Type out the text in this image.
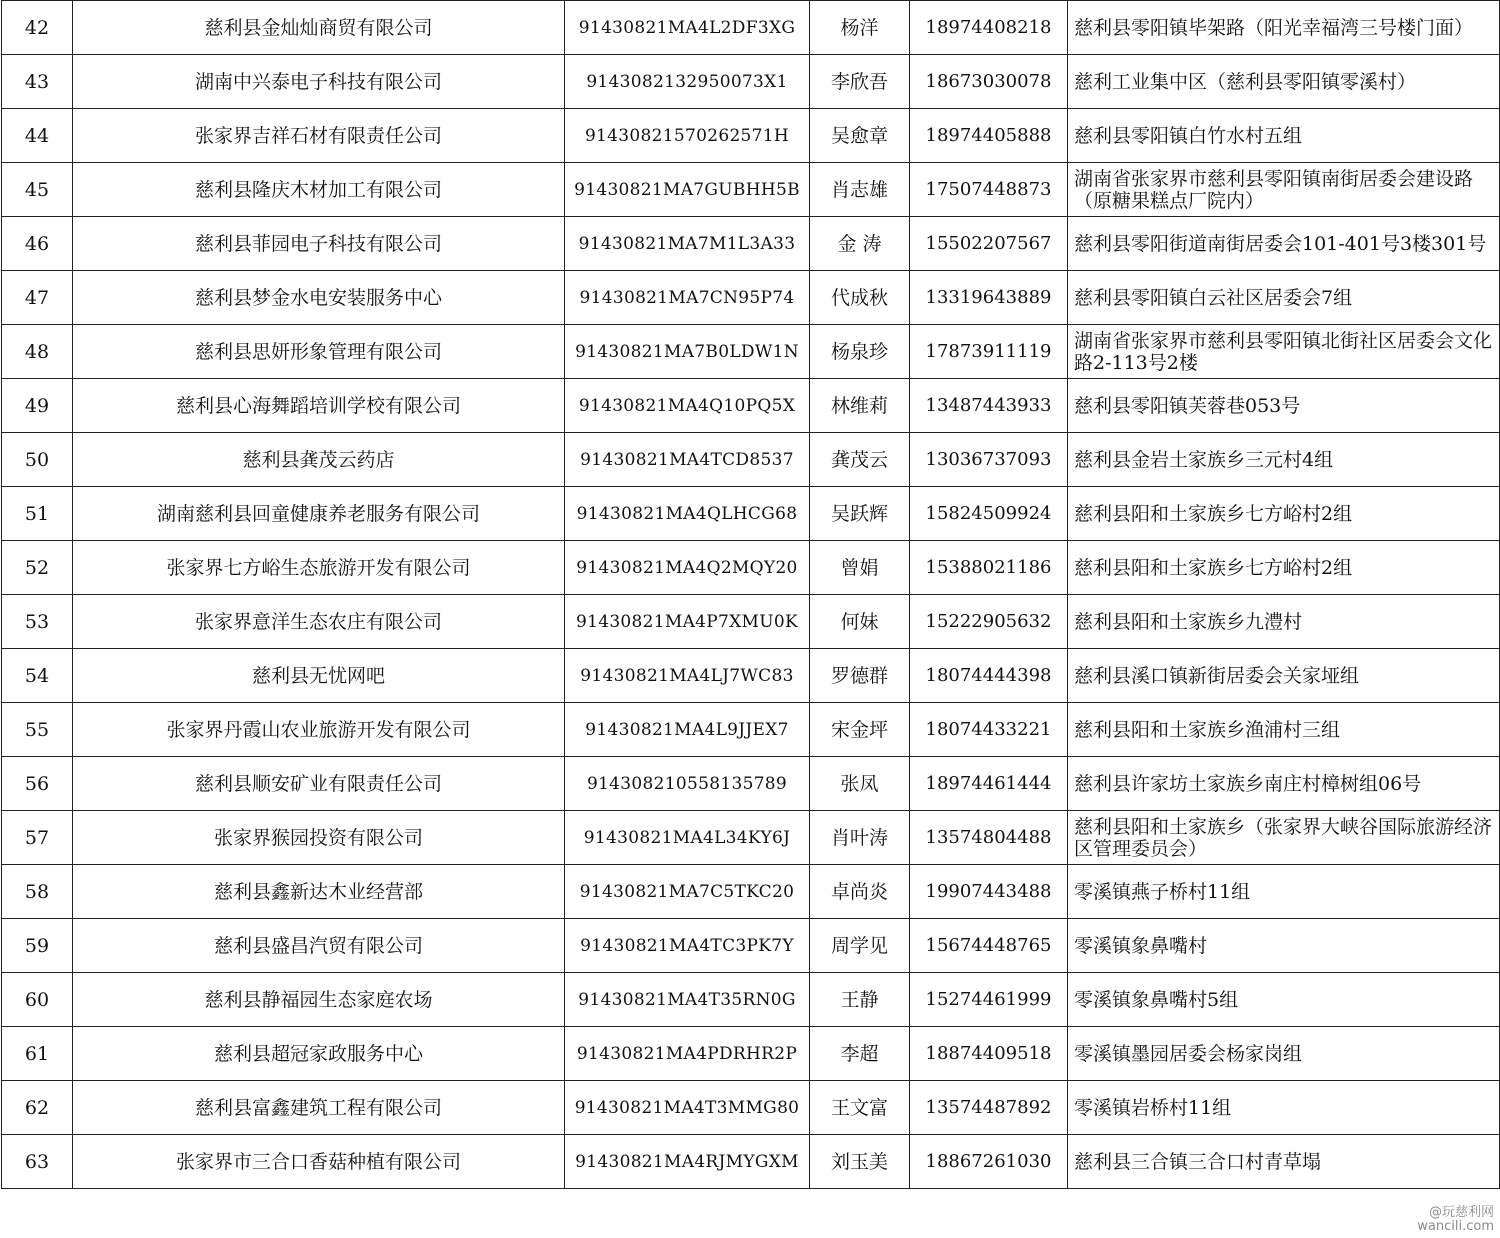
42	慈利县金灿灿商贸有限公司	91430821MA4L2DF3XG	杨洋	18974408218	慈利县零阳镇毕架路（阳光幸福湾三号楼门面）
43	湖南中兴泰电子科技有限公司	9143082132950073X1	李欣吾	18673030078	慈利工业集中区（慈利县零阳镇零溪村）
44	张家界吉祥石材有限责任公司	91430821570262571H	吴愈章	18974405888	慈利县零阳镇白竹水村五组
45	慈利县隆庆木材加工有限公司	91430821MA7GUBHH5B	肖志雄	17507448873	湖南省张家界市慈利县零阳镇南街居委会建设路（原糖果糕点厂院内）
46	慈利县菲园电子科技有限公司	91430821MA7M1L3A33	金 涛	15502207567	慈利县零阳街道南街居委会101-401号3楼301号
47	慈利县梦金水电安装服务中心	91430821MA7CN95P74	代成秋	13319643889	慈利县零阳镇白云社区居委会7组
48	慈利县思妍形象管理有限公司	91430821MA7B0LDW1N	杨泉珍	17873911119	湖南省张家界市慈利县零阳镇北街社区居委会文化路2-113号2楼
49	慈利县心海舞蹈培训学校有限公司	91430821MA4Q10PQ5X	林维莉	13487443933	慈利县零阳镇芙蓉巷053号
50	慈利县龚茂云药店	91430821MA4TCD8537	龚茂云	13036737093	慈利县金岩土家族乡三元村4组
51	湖南慈利县回童健康养老服务有限公司	91430821MA4QLHCG68	吴跃辉	15824509924	慈利县阳和土家族乡七方峪村2组
52	张家界七方峪生态旅游开发有限公司	91430821MA4Q2MQY20	曾娟	15388021186	慈利县阳和土家族乡七方峪村2组
53	张家界意洋生态农庄有限公司	91430821MA4P7XMU0K	何妹	15222905632	慈利县阳和土家族乡九澧村
54	慈利县无忧网吧	91430821MA4LJ7WC83	罗德群	18074444398	慈利县溪口镇新街居委会关家垭组
55	张家界丹霞山农业旅游开发有限公司	91430821MA4L9JJEX7	宋金坪	18074433221	慈利县阳和土家族乡渔浦村三组
56	慈利县顺安矿业有限责任公司	914308210558135789	张凤	18974461444	慈利县许家坊土家族乡南庄村樟树组06号
57	张家界猴园投资有限公司	91430821MA4L34KY6J	肖叶涛	13574804488	慈利县阳和土家族乡（张家界大峡谷国际旅游经济区管理委员会）
58	慈利县鑫新达木业经营部	91430821MA7C5TKC20	卓尚炎	19907443488	零溪镇燕子桥村11组
59	慈利县盛昌汽贸有限公司	91430821MA4TC3PK7Y	周学见	15674448765	零溪镇象鼻嘴村
60	慈利县静福园生态家庭农场	91430821MA4T35RN0G	王静	15274461999	零溪镇象鼻嘴村5组
61	慈利县超冠家政服务中心	91430821MA4PDRHR2P	李超	18874409518	零溪镇墨园居委会杨家岗组
62	慈利县富鑫建筑工程有限公司	91430821MA4T3MMG80	王文富	13574487892	零溪镇岩桥村11组
63	张家界市三合口香菇种植有限公司	91430821MA4RJMYGXM	刘玉美	18867261030	慈利县三合镇三合口村青草塌
@玩慈利网
wancili.com
